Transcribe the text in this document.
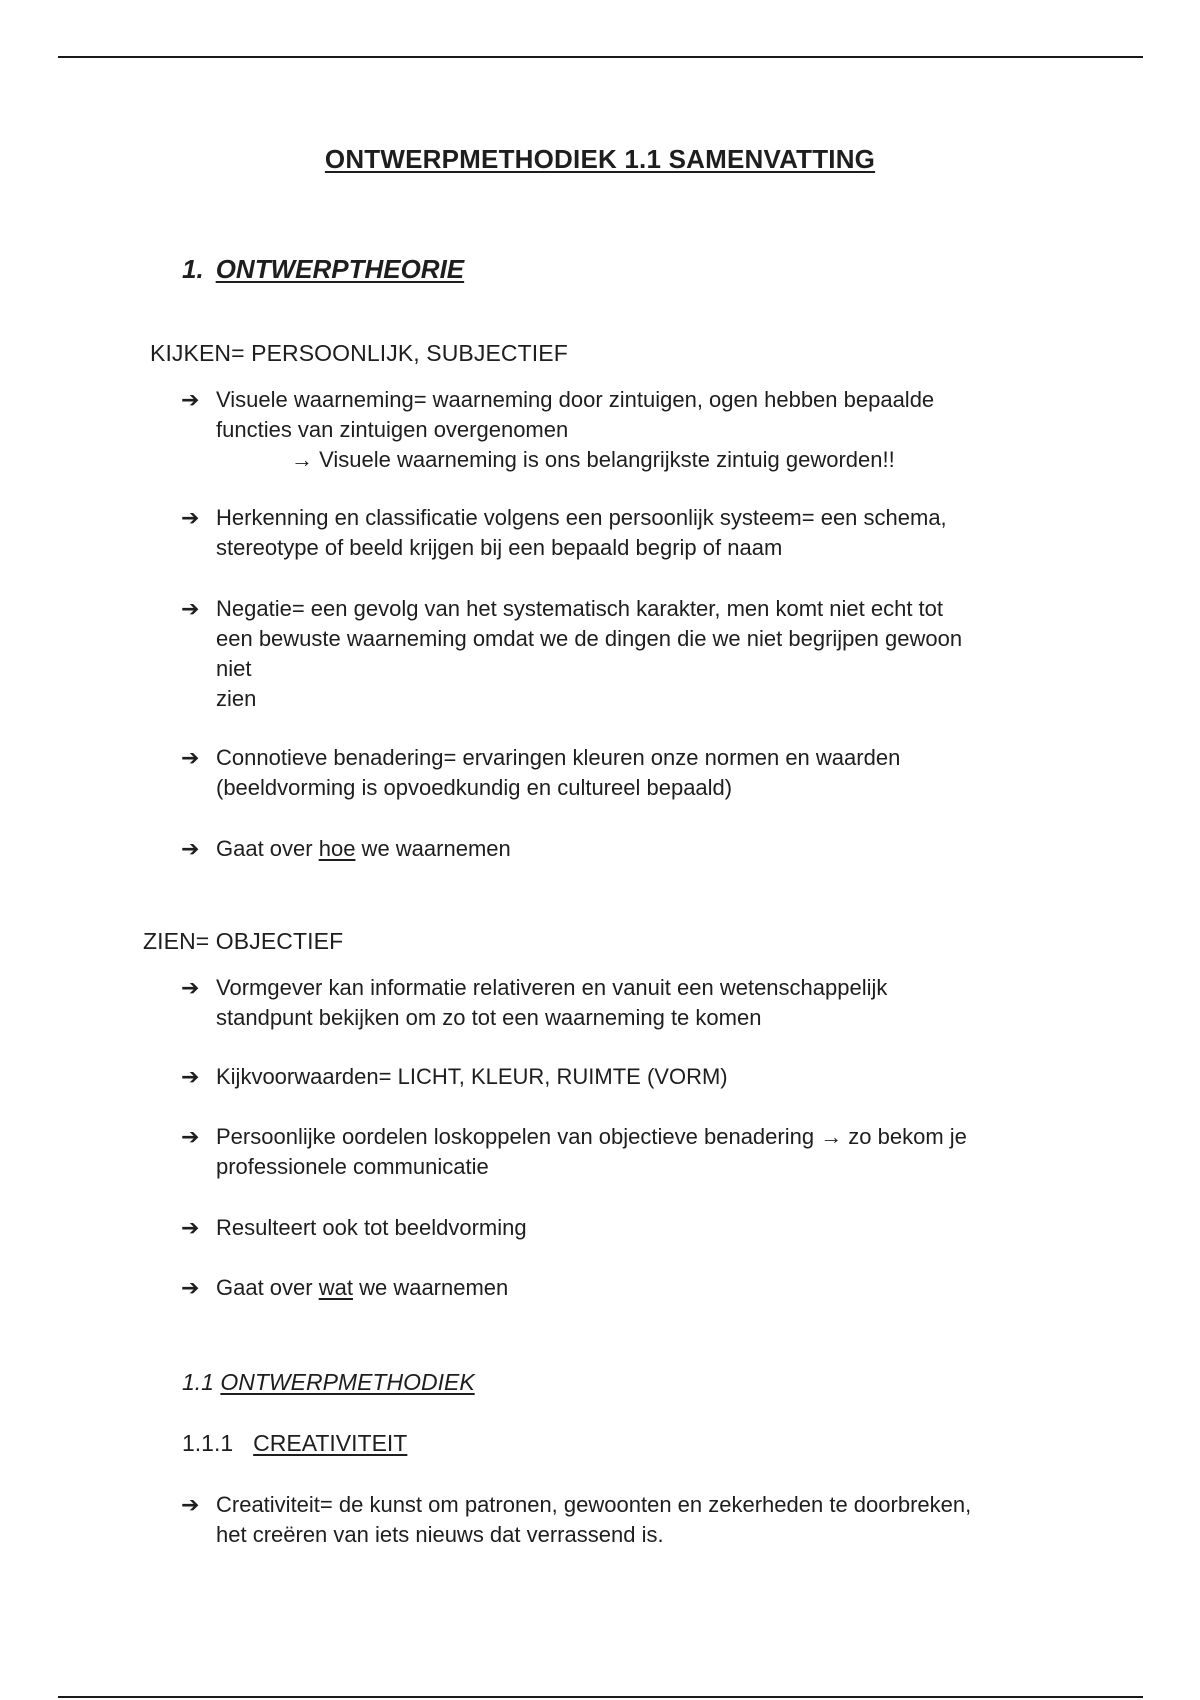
ONTWERPMETHODIEK 1.1 SAMENVATTING
1. ONTWERPTHEORIE
KIJKEN= PERSOONLIJK, SUBJECTIEF
➔ Visuele waarneming= waarneming door zintuigen, ogen hebben bepaalde
functies van zintuigen overgenomen
→ Visuele waarneming is ons belangrijkste zintuig geworden!!
➔ Herkenning en classificatie volgens een persoonlijk systeem= een schema,
stereotype of beeld krijgen bij een bepaald begrip of naam
➔ Negatie= een gevolg van het systematisch karakter, men komt niet echt tot
een bewuste waarneming omdat we de dingen die we niet begrijpen gewoon
niet
zien
➔ Connotieve benadering= ervaringen kleuren onze normen en waarden
(beeldvorming is opvoedkundig en cultureel bepaald)
➔ Gaat over hoe we waarnemen
ZIEN= OBJECTIEF
➔ Vormgever kan informatie relativeren en vanuit een wetenschappelijk
standpunt bekijken om zo tot een waarneming te komen
➔ Kijkvoorwaarden= LICHT, KLEUR, RUIMTE (VORM)
➔ Persoonlijke oordelen loskoppelen van objectieve benadering → zo bekom je
professionele communicatie
➔ Resulteert ook tot beeldvorming
➔ Gaat over wat we waarnemen
1.1 ONTWERPMETHODIEK
1.1.1 CREATIVITEIT
➔ Creativiteit= de kunst om patronen, gewoonten en zekerheden te doorbreken,
het creëren van iets nieuws dat verrassend is.
